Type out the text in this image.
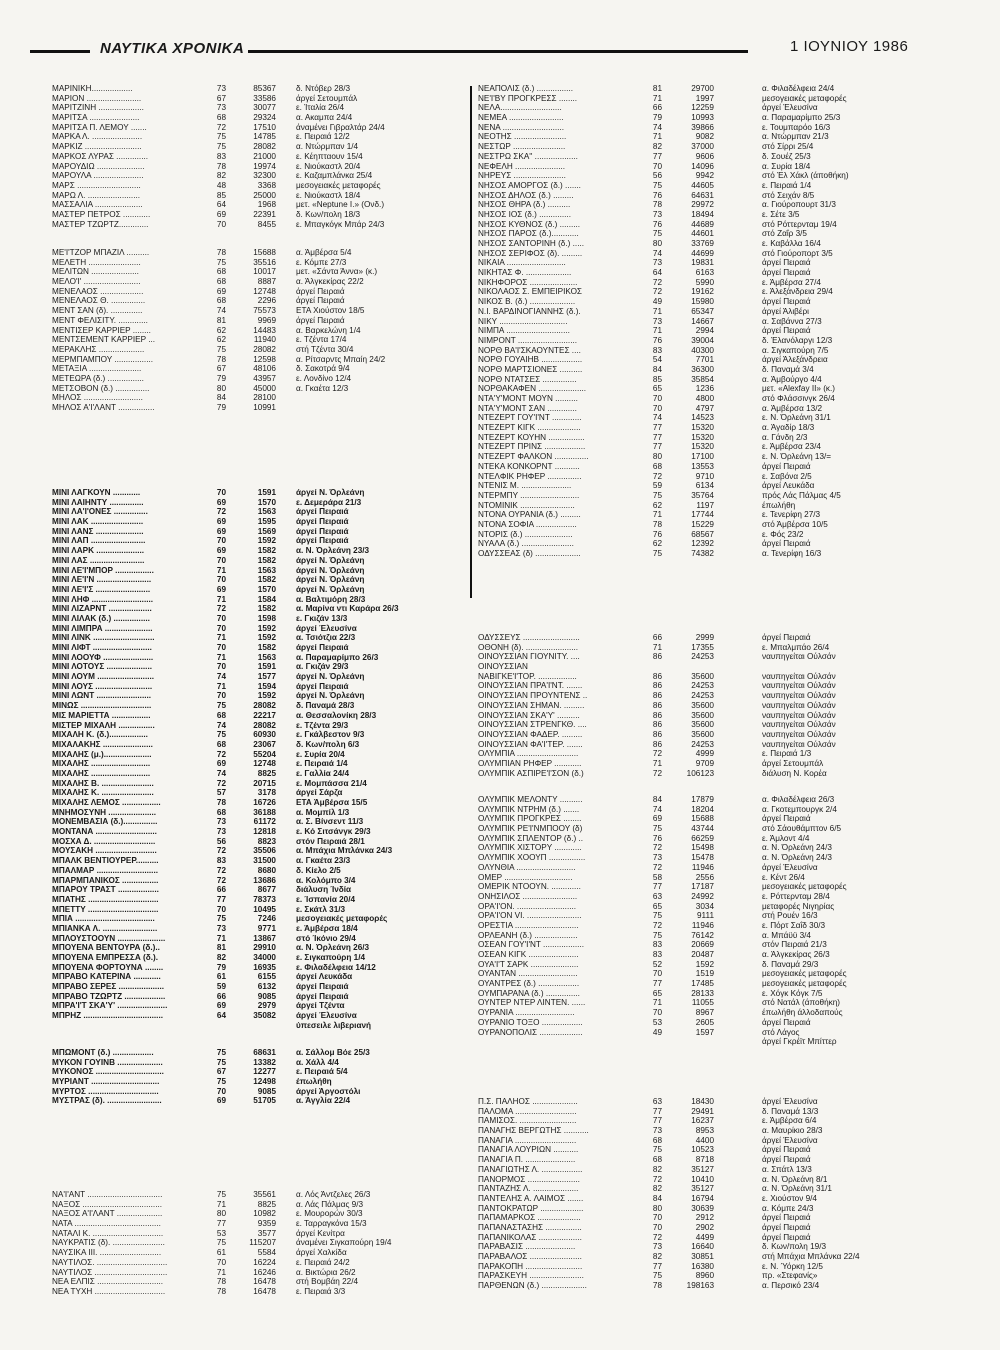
ΝΑΥΤΙΚΑ ΧΡΟΝΙΚΑ	1 ΙΟΥΝΙΟΥ 1986
ΜΑΡΙΝΙΚΗ..................	73	85367 δ. Ντόβερ 28/3
ΜΑΡΙΟΝ ........................	67	33586 άργεί Σετουμπάλ
ΜΑΡΙΤΖΙΝΗ ....................	73	30077 ε. Ίταλία 26/4
ΜΑΡΙΤΣΑ ......................	68	29324 α. Ακαμπα 24/4
ΜΑΡΙΤΣΑ Π. ΛΕΜΟΥ .......	72	17510 άναμένει Γιβραλτάρ 24/4
ΜΑΡΚΑ Λ. ......................	75	14785 ε. Πειραιά 12/2
ΜΑΡΚΙΖ .........................	75	28082 α. Ντώρμπαν 1/4
ΜΑΡΚΟΣ ΛΥΡΑΣ ..............	83	21000 ε. Κέηπταουν 15/4
ΜΑΡΟΥΔΙΩ .....................	78	19974 ε. Νιούκαστλ 20/4
ΜΑΡΟΥΛΑ ......................	82	32300 ε. Καζαμπλάνκα 25/4
ΜΑΡΣ ............................	48	3368 μεσογειακές μεταφορές
ΜΑΡΩ Λ. .......................	85	25000 ε. Νιούκαστλ 18/4
ΜΑΣΣΑΛΙΑ .....................	64	1968 μετ. «Neptune I.» (Ονδ.)
ΜΑΣΤΕΡ ΠΕΤΡΟΣ ............	69	22391 δ. Κων/πολη 18/3
ΜΑΣΤΕΡ ΤΖΩΡΤΖ.............	70	8455 ε. Μπαγκόγκ Μπάρ 24/3
ΜΕ'Ι'ΤΖΟΡ ΜΠΑΖΙΛ ..........	78	15688 α. Άμβέρσα 5/4
ΜΕΛΕΤΗ .......................	75	35516 ε. Κόμπε 27/3
ΜΕΛΙΤΩΝ .....................	68	10017 μετ. «Σάντα Άννα» (κ.)
ΜΕΛΟ'Ι' .........................	68	8887 α. Άλγκεκίρας 22/2
ΜΕΝΕΛΑΟΣ ...................	69	12748 άργεί Πειραιά
ΜΕΝΕΛΑΟΣ Θ. ...............	68	2296 άργεί Πειραιά
ΜΕΝΤ ΣΑΝ (δ). ..............	74	75573 ΕΤΑ Χιούστον 18/5
ΜΕΝΤ ΦΕΛΙΣΙΤΥ. .............	81	9969 άργεί Πειραιά
ΜΕΝΤΙΣΕΡ ΚΑΡΡΙΕΡ ........	62	14483 α. Βαρκελώνη 1/4
ΜΕΝΤΣΕΜΕΝΤ ΚΑΡΡΙΕΡ ...	62	11940 ε. Τζέντα 17/4
ΜΕΡΑΚΛΗΣ ....................	75	28082 στή Τζέντα 30/4
ΜΕΡΜΠΑΜΠΟΥ .................	78	12598 α. Ρίτσαρντς Μπαίη 24/2
ΜΕΤΑΞΙΑ .......................	67	48106 δ. Σακοτρά 9/4
ΜΕΤΕΩΡΑ (δ.) ................	79	43957 ε. Λονδίνο 12/4
ΜΕΤΣΟΒΟΝ (δ.) ...............	80	45000 α. Γκαέτα 12/3
ΜΗΛΟΣ ..........................	84	28100
ΜΗΛΟΣ Α'Ι'ΛΑΝΤ ................	79	10991
ΜΙΝΙ ΛΑΓΚΟΥΝ ............	70	1591 άργεί Ν. Όρλεάνη
ΜΙΝΙ ΛΑΙΗΝΤΥ ...............	69	1570 ε. Δεμεράρα 21/3
ΜΙΝΙ ΛΑ'Ι'ΟΝΕΣ ...............	72	1563 άργεί Πειραιά
ΜΙΝΙ ΛΑΚ .......................	69	1595 άργεί Πειραιά
ΜΙΝΙ ΛΑΝΣ .....................	69	1569 άργεί Πειραιά
ΜΙΝΙ ΛΑΠ ........................	70	1592 άργεί Πειραιά
ΜΙΝΙ ΛΑΡΚ .....................	69	1582 α. Ν. Όρλεάνη 23/3
ΜΙΝΙ ΛΑΣ ........................	70	1582 άργεί Ν. Όρλεάνη
ΜΙΝΙ ΛΕ'Ι'ΜΠΟΡ .................	71	1563 άργεί Ν. Όρλεάνη
ΜΙΝΙ ΛΕ'Ι'Ν ........................	70	1582 άργεί Ν. Όρλεάνη
ΜΙΝΙ ΛΕ'Ι'Σ ........................	69	1570 άργεί Ν. Όρλεάνη
ΜΙΝΙ ΛΗΦ ...........................	71	1584 α. Βαλτιμόρη 28/3
ΜΙΝΙ ΛΙΖΑΡΝΤ ...................	72	1582 α. Μαρίνα ντι Καράρα 26/3
ΜΙΝΙ ΛΙΛΑΚ (δ.) ................	70	1598 ε. Γκιζάν 13/3
ΜΙΝΙ ΛΙΜΠΡΑ .....................	70	1592 άργεί Έλευσίνα
ΜΙΝΙ ΛΙΝΚ ...........................	71	1592 α. Τσιότζια 22/3
ΜΙΝΙ ΛΙΦΤ ..........................	70	1582 άργεί Πειραιά
ΜΙΝΙ ΛΟΟΥΦ ......................	71	1563 α. Παραμαρίμπο 26/3
ΜΙΝΙ ΛΟΤΟΥΣ ....................	70	1591 α. Γκιζάν 29/3
ΜΙΝΙ ΛΟΥΜ .........................	74	1577 άργεί Ν. Όρλεάνη
ΜΙΝΙ ΛΟΥΣ .........................	71	1594 άργεί Πειραιά
ΜΙΝΙ ΛΩΝΤ ........................	70	1592 άργεί Ν. Όρλεάνη
ΜΙΝΩΣ ...............................	75	28082 δ. Παναμά 28/3
ΜΙΣ ΜΑΡΙΕΤΤΑ .................	68	22217 α. Θεσσαλονίκη 28/3
ΜΙΣΤΕΡ ΜΙΧΑΛΗ ................	74	28082 ε. Τζέντα 29/3
ΜΙΧΑΛΗ Κ. (δ.).................	75	60930 ε. Γκάλβεστον 9/3
ΜΙΧΑΛΑΚΗΣ ......................	68	23067 δ. Κων/πολη 6/3
ΜΙΧΑΛΗΣ (μ.).....................	72	55204 ε. Συρία 20/4
ΜΙΧΑΛΗΣ ..........................	69	12748 ε. Πειραιά 1/4
ΜΙΧΑΛΗΣ ..........................	74	8825 ε. Γαλλία 24/4
ΜΙΧΑΛΗΣ Β. .......................	72	20715 ε. Μομπάσσα 21/4
ΜΙΧΑΛΗΣ Κ. .......................	57	3178 άργεί Σάρζα
ΜΙΧΑΛΗΣ ΛΕΜΟΣ .................	78	16726 ΕΤΑ Άμβέρσα 15/5
ΜΝΗΜΟΣΥΝΗ .....................	68	36188 α. Μομπίλ 1/3
ΜΟΝΕΜΒΑΣΙΑ (δ.)...............	73	61172 α. Σ. Βίνσεντ 11/3
ΜΟΝΤΑΝΑ ...........................	73	12818 ε. Κό Σιτσάνγκ 29/3
ΜΟΣΧΑ Δ. ...........................	56	8823 στόν Πειραιά 28/1
ΜΟΥΣΑΚΗ ...........................	72	35506 α. Μπάχια Μπλάνκα 24/3
ΜΠΑΛΚ ΒΕΝΤΙΟΥΡΕΡ..........	83	31500 α. Γκαέτα 23/3
ΜΠΑΛΜΑΡ ...........................	72	8680 δ. Κίελο 2/5
ΜΠΑΡΜΠΑΝΙΚΟΣ ................	72	13686 α. Κολόμπο 3/4
ΜΠΑΡΟΥ ΤΡΑΣΤ ..................	66	8677 διάλυση Ίνδία
ΜΠΑΤΗΣ ...............................	77	78373 ε. Ίσπανία 20/4
ΜΠΕΤΤΥ ...............................	70	10495 ε. Σκάτλ 31/3
ΜΠΙΑ ...................................	75	7246 μεσογειακές μεταφορές
ΜΠΙΑΝΚΑ Λ. ........................	73	9771 ε. Άμβέρσα 18/4
ΜΠΛΟΥΣΤΟΟΥΝ .....................	71	13867 στό Ίκόνιο 29/4
ΜΠΟΥΕΝΑ ΒΕΝΤΟΥΡΑ (δ.)..	81	29910 α. Ν. Όρλεάνη 26/3
ΜΠΟΥΕΝΑ ΕΜΠΡΕΣΣΑ (δ.).	82	34000 ε. Σιγκαπούρη 1/4
ΜΠΟΥΕΝΑ ΦΟΡΤΟΥΝΑ ........	79	16935 ε. Φιλαδέλφεια 14/12
ΜΠΡΑΒΟ ΚΑΤΕΡΙΝΑ ............	61	6155 άργεί Λευκάδα
ΜΠΡΑΒΟ ΣΕΡΕΣ ....................	59	6132 άργεί Πειραιά
ΜΠΡΑΒΟ ΤΖΩΡΤΖ ..................	66	9085 άργεί Πειραιά
ΜΠΡΑ'Ι'Τ ΣΚΑ'Υ' ......................	69	2979 άργεί Τζέντα
ΜΠΡΗΖ ...................................	64	35082 άργεί Έλευσίνα
ύπεσειλε λιβεριανή
ΜΠΩΜΟΝΤ (δ.) ..................	75	68631 α. Σάλλομ Βόε 25/3
ΜΥΚΟΝ ΓΟΥΙΝΒ ....................	75	13382 α. Χάλλ 4/4
ΜΥΚΟΝΟΣ ..............................	67	12277 ε. Πειραιά 5/4
ΜΥΡΙΑΝΤ ..............................	75	12498 έπωλήθη
ΜΥΡΤΟΣ ...............................	70	9085 άργεί Άργοστόλι
ΜΥΣΤΡΑΣ (δ). ........................	69	51705 α. Άγγλία 22/4
ΝΑ'Ι'ΑΝΤ .................................	75	35561 α. Λός Άντζελες 26/3
ΝΑΞΟΣ ...................................	71	8825 α. Λάς Πάλμας 9/3
ΝΑΞΟΣ Α'Ι'ΛΑΝΤ ....................	80	10982 ε. Μουρορών 30/3
ΝΑΤΑ ......................................	77	9359 ε. Ταρραγκόνα 15/3
ΝΑΤΑΛΙ Κ. ...............................	53	3577 άργεί Κενίτρα
ΝΑΥΚΡΑΤΙΣ (δ). .......................	75	115207 άναμένει Σιγκαπούρη 19/4
ΝΑΥΣΙΚΑ ΙΙΙ. ...........................	61	5584 άργεί Χαλκίδα
ΝΑΥΤΙΛΟΣ. ...............................	70	16224 ε. Πειραιά 24/2
ΝΑΥΤΙΛΟΣ ................................	71	16246 α. Βικτώρια 26/2
ΝΕΑ ΕΛΠΙΣ .............................	78	16478 στή Βομβάη 22/4
ΝΕΑ ΤΥΧΗ ...............................	78	16478 ε. Πειραιά 3/3
ΝΕΑΠΟΛΙΣ (δ.) ................	81	29700	α. Φιλαδέλφεια 24/4
ΝΕ'Ι'ΒΥ ΠΡΟΓΚΡΕΣΣ ........	71	1997	μεσογειακές μεταφορές
ΝΕΛΑ...........................	66	12259	άργεί Έλευσίνα
ΝΕΜΕΑ ........................	79	10993	α. Παραμαρίμπο 25/3
ΝΕΝΑ ...........................	74	39866	ε. Τουμπαρόο 16/3
ΝΕΟΤΗΣ .......................	71	9082	α. Ντώρμπαν 21/3
ΝΕΣΤΩΡ .......................	82	37000	στό Σίρρι 25/4
ΝΕΣΤΡΩ ΣΚΑ'' ...................	77	9606	δ. Σουέζ 25/3
ΝΕΦΕΛΗ ......................	70	14096	α. Συρία 18/4
ΝΗΡΕΥΣ .......................	56	9942	στό Έλ Χάκλ (άποθήκη)
ΝΗΣΟΣ ΑΜΟΡΓΟΣ (δ.) .......	75	44605	ε. Πειραιά 1/4
ΝΗΣΟΣ ΔΗΛΟΣ (δ.) .........	76	64631	στό Σειχάν 8/5
ΝΗΣΟΣ ΘΗΡΑ (δ.) ..........	78	29972	α. Γιούροπουρτ 31/3
ΝΗΣΟΣ ΙΟΣ (δ.) ..............	73	18494	ε. Σέτε 3/5
ΝΗΣΟΣ ΚΥΘΝΟΣ (δ.) .........	76	44689	στό Ρόττερνταμ 19/4
ΝΗΣΟΣ ΠΑΡΟΣ (δ.)............	75	44601	στό Ζαΐρ 3/5
ΝΗΣΟΣ ΣΑΝΤΟΡΙΝΗ (δ.) .....	80	33769	ε. Καβάλλα 16/4
ΝΗΣΟΣ ΣΕΡΙΦΟΣ (δ). .........	74	44699	στό Γιούροπορτ 3/5
ΝΙΚΑΙΑ ..........................	73	19831	άργεί Πειραιά
ΝΙΚΗΤΑΣ Φ. ....................	64	6163	άργεί Πειραιά
ΝΙΚΗΦΟΡΟΣ .....................	72	5990	ε. Άμβέρσα 27/4
ΝΙΚΟΛΑΟΣ Σ. ΕΜΠΕΙΡΙΚΟΣ	72	19162	ε. Άλεξάνδρεια 29/4
ΝΙΚΟΣ Β. (δ.) ....................	49	15980	άργεί Πειραιά
Ν.Ι. ΒΑΡΔΙΝΟΓΙΑΝΝΗΣ (δ.).	71	65347	άργεί Άλιβέρι
ΝΙΚΥ ..............................	73	14667	α. Σαβάννα 27/3
ΝΙΜΠΑ ............................	71	2994	άργεί Πειραιά
ΝΙΜΡΟΝΤ ..........................	76	39004	δ. Έλανόλαργι 12/3
ΝΟΡΘ ΒΑ'Ι'ΣΚΑΟΥΝΤΕΣ ....	83	40300	α. Σιγκαπούρη 7/5
ΝΟΡΘ ΓΟΥΑΙΗΒ ..................	54	7701	άργεί Άλεξάνδρεια
ΝΟΡΘ ΜΑΡΤΣΙΟΝΕΣ ..........	84	36300	δ. Παναμά 3/4
ΝΟΡΘ ΝΤΑΤΣΕΣ ...............	85	35854	α. Άμβούργο 4/4
ΝΟΡΘΑΚΑΦΕΝ .....................	65	1236	μετ. «Alexfay II» (κ.)
ΝΤΑ'Υ'ΜΟΝΤ ΜΟΥΝ ..........	70	4800	στό Φλάσσινγκ 26/4
ΝΤΑ'Υ'ΜΟΝΤ ΣΑΝ .............	70	4797	α. Άμβέρσα 13/2
ΝΤΕΖΕΡΤ ΓΟΥ'Ι'ΝΤ .............	74	14523	ε. Ν. Όρλεάνη 31/1
ΝΤΕΖΕΡΤ ΚΙΓΚ ...................	77	15320	α. Άγαδίρ 18/3
ΝΤΕΖΕΡΤ ΚΟΥΗΝ ................	77	15320	α. Γάνδη 2/3
ΝΤΕΖΕΡΤ ΠΡΙΝΣ ..................	77	15320	ε. Άμβέρσα 23/4
ΝΤΕΖΕΡΤ ΦΑΛΚΟΝ ...............	80	17100	ε. Ν. Όρλεάνη 13/=
ΝΤΕΚΑ ΚΟΝΚΟΡΝΤ ...........	68	13553	άργεί Πειραιά
ΝΤΕΛΦΙΚ ΡΗΦΕΡ ...............	72	9710	ε. Σαβόνα 2/5
ΝΤΕΝΙΣ Μ. ......................	59	6134	άργεί Λευκάδα
ΝΤΕΡΜΠΥ ..........................	75	35764	πρός Λάς Πάλμας 4/5
ΝΤΟΜΙΝΙΚ ........................	62	1197	έπωλήθη
ΝΤΟΝΑ ΟΥΡΑΝΙΑ (δ.) .........	71	17744	ε. Τενερίφη 27/3
ΝΤΟΝΑ ΣΟΦΙΑ ..................	78	15229	στό Άμβέρσα 10/5
ΝΤΟΡΙΣ (δ.) .....................	76	68567	ε. Φός 23/2
ΝΥΑΛΑ (δ.) .......................	62	12392	άργεί Πειραιά
ΟΔΥΣΣΕΑΣ (δ) ....................	75	74382	α. Τενερίφη 16/3
ΟΔΥΣΣΕΥΣ .........................	66	2999	άργεί Πειραιά
ΟΘΟΝΗ (δ). .......................	71	17355	ε. Μπαλμπάο 26/4
ΟΙΝΟΥΣΣΙΑΝ ΓΙΟΥΝΙΤΥ. ....	86	24253	ναυπηγείται Ούλσάν
ΟΙΝΟΥΣΣΙΑΝ
ΝΑΒΙΓΚΕ'Ι'ΤΟΡ. .................	86	35600	ναυπηγείται Ούλσάν
ΟΙΝΟΥΣΣΙΑΝ ΠΡΑ'Ι'ΝΤ. .......	86	24253	ναυπηγείται Ούλσάν
ΟΙΝΟΥΣΣΙΑΝ ΠΡΟΥΝΤΕΝΣ ..	86	24253	ναυπηγείται Ούλσάν
ΟΙΝΟΥΣΣΙΑΝ ΣΗΜΑΝ. .........	86	35600	ναυπηγείται Ούλσάν
ΟΙΝΟΥΣΣΙΑΝ ΣΚΑ'Υ' ..........	86	35600	ναυπηγείται Ούλσάν
ΟΙΝΟΥΣΣΙΑΝ ΣΤΡΕΝΓΚΘ. ....	86	35600	ναυπηγείται Ούλσάν
ΟΙΝΟΥΣΣΙΑΝ ΦΑΔΕΡ. .........	86	35600	ναυπηγείται Ούλσάν
ΟΙΝΟΥΣΣΙΑΝ ΦΑ'Ι'ΤΕΡ. .......	86	24253	ναυπηγείται Ούλσάν
ΟΛΥΜΠΙΑ ...........................	72	4999	ε. Πειραιά 1/3
ΟΛΥΜΠΙΑΝ ΡΗΦΕΡ ............	71	9709	άργεί Σετουμπάλ
ΟΛΥΜΠΙΚ ΑΣΠΙΡΕ'Ι'ΣΟΝ (δ.)	72	106123	διάλυση Ν. Κορέα
ΟΛΥΜΠΙΚ ΜΕΛΟΝΤΥ ..........	84	17879	α. Φιλαδέλφεια 26/3
ΟΛΥΜΠΙΚ ΝΤΡΗΜ (δ.) .......	74	18204	α. Γκοτεμπουργκ 2/4
ΟΛΥΜΠΙΚ ΠΡΟΓΚΡΕΣ ........	69	15688	άργεί Πειραιά
ΟΛΥΜΠΙΚ ΡΕ'Ι'ΝΜΠΟΟΥ (δ)	75	43744	στό Σάουθάμπτον 6/5
ΟΛΥΜΠΙΚ ΣΠΛΕΝΤΟΡ (δ.) ..	76	66259	ε. Άμλοντ 4/4
ΟΛΥΜΠΙΚ ΧΙΣΤΟΡΥ ............	72	15498	α. Ν. Όρλεάνη 24/3
ΟΛΥΜΠΙΚ ΧΟΟΥΠ ................	73	15478	α. Ν. Όρλεάνη 24/3
ΟΛΥΝΘΙΑ ..........................	72	11946	άργεί Έλευσίνα
ΟΜΕΡ ..............................	58	2556	ε. Κέντ 26/4
ΟΜΕΡΙΚ ΝΤΟΟΥΝ. .............	77	17187	μεσογειακές μεταφορές
ΟΝΗΣΙΛΟΣ ........................	63	24992	ε. Ρόττερνταμ 28/4
ΟΡΑ'Ι'ΟΝ. ..........................	65	3034	μεταφορές Νιγηρίας
ΟΡΑ'Ι'ΟΝ VI. ........................	75	9111	στή Ρουέν 16/3
ΟΡΕΣΤΙΑ ............................	72	11946	ε. Πόρτ Σαΐδ 30/3
ΟΡΛΕΑΝΗ (δ.) ...................	75	76142	α. Μπάϋϋ 3/4
ΟΣΕΑΝ ΓΟΥ'Ι'ΝΤ ..................	83	20669	στόν Πειραιά 21/3
ΟΣΕΑΝ ΚΙΓΚ ......................	83	20487	α. Άλγκεκίρας 26/3
ΟΥΑ'Ι'Τ ΣΑΡΚ .....................	52	1592	δ. Παναμά 29/3
ΟΥΑΝΤΑΝ ..........................	70	1519	μεσογειακές μεταφορές
ΟΥΑΝΤΡΕΣ (δ.) ..................	77	17485	μεσογειακές μεταφορές
ΟΥΜΠΑΡΑΝΑ (δ.) ...............	65	28133	ε. Χόγκ Κόγκ 7/5
ΟΥΝΤΕΡ ΝΤΕΡ ΛΙΝΤΕΝ. ......	71	11055	στό Νατάλ (άποθήκη)
ΟΥΡΑΝΙΑ ..........................	70	8967	έπωλήθη άλλοδαπούς
ΟΥΡΑΝΙΟ ΤΟΞΟ ..................	53	2605	άργεί Πειραιά
ΟΥΡΑΝΟΠΟΛΙΣ ...................	49	1597	στό Λάγος
άργεί Γκρέϊτ Μπίττερ
Π.Σ. ΠΑΛΗΟΣ ....................	63	18430	άργεί Έλευσίνα
ΠΑΛΟΜΑ ...........................	77	29491	δ. Παναμά 13/3
ΠΑΜΙΣΟΣ. .........................	77	16237	ε. Άμβέρσα 6/4
ΠΑΝΑΓΗΣ ΒΕΡΓΩΤΗΣ ...........	73	8953	α. Μαυρίκιο 28/3
ΠΑΝΑΓΙΑ ...........................	68	4400	άργεί Έλευσίνα
ΠΑΝΑΓΙΑ ΛΟΥΡΙΩΝ ...........	75	10523	άργεί Πειραιά
ΠΑΝΑΓΙΑ Π. ......................	68	8718	άργεί Πειραιά
ΠΑΝΑΓΙΩΤΗΣ Λ. ..................	82	35127	α. Σπάτλ 13/3
ΠΑΝΟΡΜΟΣ .......................	72	10410	α. Ν. Όρλεάνη 8/1
ΠΑΝΤΑΖΗΣ Λ. ....................	82	35127	α. Ν. Όρλεάνη 31/1
ΠΑΝΤΕΛΗΣ Α. ΛΑΙΜΟΣ .......	84	16794	ε. Χιούστον 9/4
ΠΑΝΤΟΚΡΑΤΩΡ ...................	80	30639	α. Κόμπε 24/3
ΠΑΠΑΜΑΡΚΟΣ ...................	70	2912	άργεί Πειραιά
ΠΑΠΑΝΑΣΤΑΣΗΣ ................	70	2902	άργεί Πειραιά
ΠΑΠΑΝΙΚΟΛΑΣ ...................	72	4499	άργεί Πειραιά
ΠΑΡΑΒΑΣΙΣ ......................	73	16640	δ. Κων/πολη 19/3
ΠΑΡΑΒΑΛΟΣ .......................	82	30851	στή Μπάχια Μπλάνκα 22/4
ΠΑΡΑΚΟΠΗ .........................	77	16380	ε. Ν. Ύόρκη 12/5
ΠΑΡΑΣΚΕΥΗ ........................	75	8960	πρ. «Στεφανίς»
ΠΑΡΘΕΝΩΝ (δ.) ....................	78	198163	α. Περσικό 23/4
